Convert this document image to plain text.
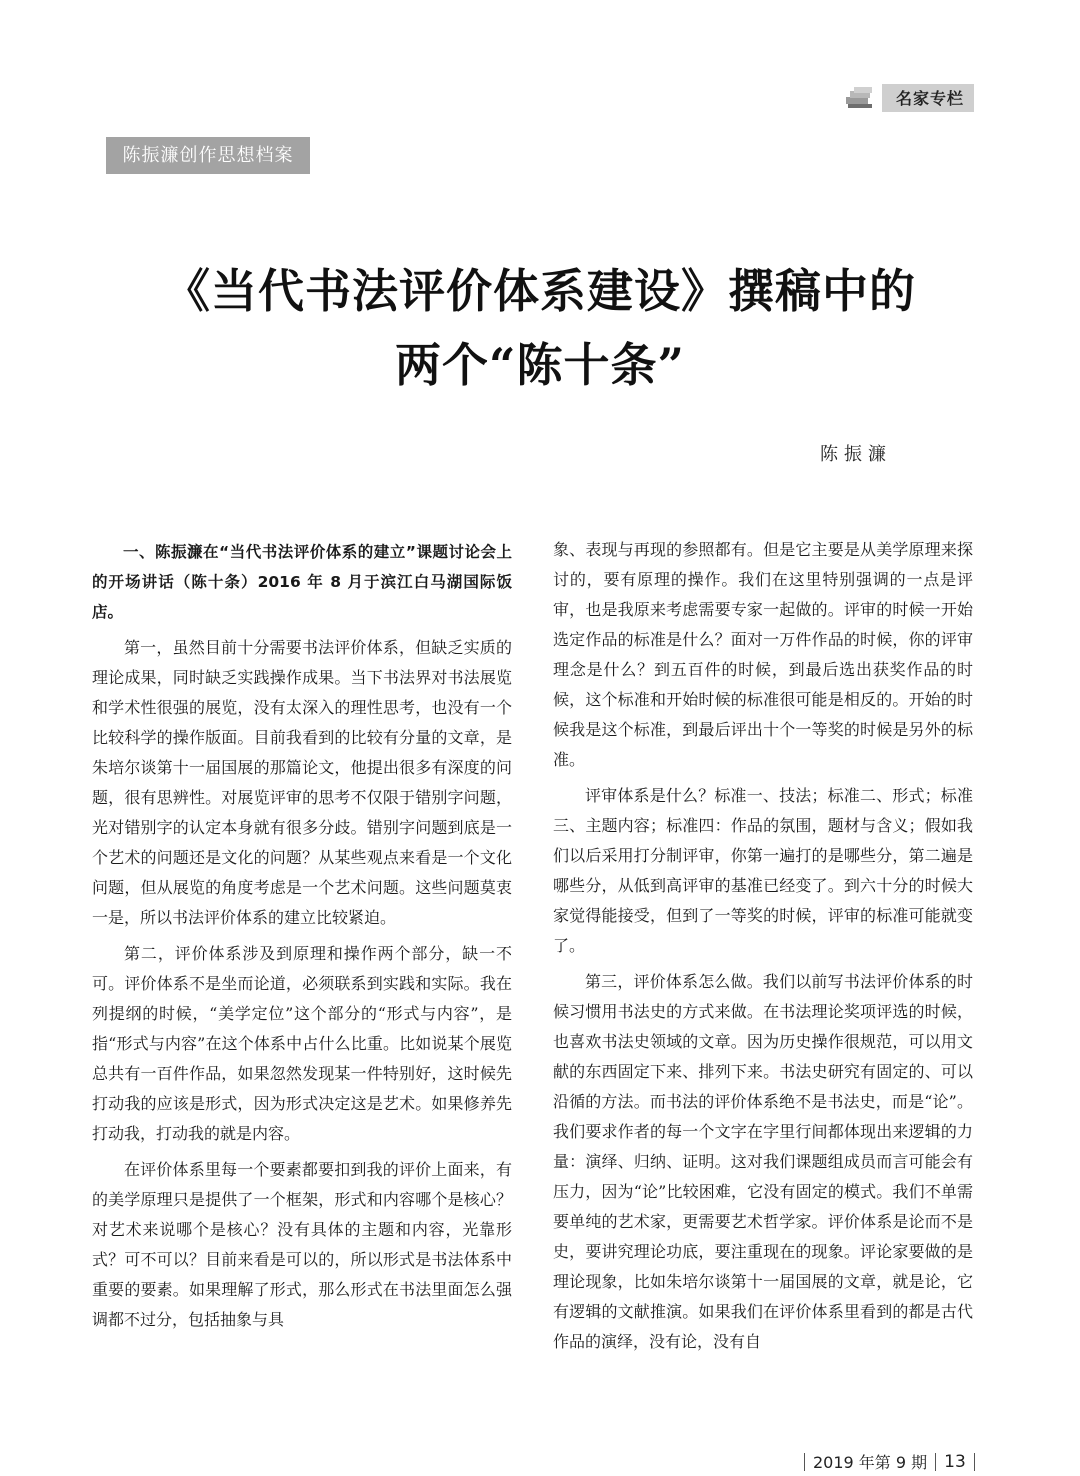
名家专栏
陈振濂创作思想档案
《当代书法评价体系建设》撰稿中的
两个“陈十条”
陈振濂

一、陈振濂在“当代书法评价体系的建立”课题讨论会上的开场讲话（陈十条）2016 年 8 月于滨江白马湖国际饭店。

第一，虽然目前十分需要书法评价体系，但缺乏实质的理论成果，同时缺乏实践操作成果。当下书法界对书法展览和学术性很强的展览，没有太深入的理性思考，也没有一个比较科学的操作版面。目前我看到的比较有分量的文章，是朱培尔谈第十一届国展的那篇论文，他提出很多有深度的问题，很有思辨性。对展览评审的思考不仅限于错别字问题，光对错别字的认定本身就有很多分歧。错别字问题到底是一个艺术的问题还是文化的问题？从某些观点来看是一个文化问题，但从展览的角度考虑是一个艺术问题。这些问题莫衷一是，所以书法评价体系的建立比较紧迫。

第二，评价体系涉及到原理和操作两个部分，缺一不可。评价体系不是坐而论道，必须联系到实践和实际。我在列提纲的时候，“美学定位”这个部分的“形式与内容”，是指“形式与内容”在这个体系中占什么比重。比如说某个展览总共有一百件作品，如果忽然发现某一件特别好，这时候先打动我的应该是形式，因为形式决定这是艺术。如果修养先打动我，打动我的就是内容。

在评价体系里每一个要素都要扣到我的评价上面来，有的美学原理只是提供了一个框架，形式和内容哪个是核心？对艺术来说哪个是核心？没有具体的主题和内容，光靠形式？可不可以？目前来看是可以的，所以形式是书法体系中重要的要素。如果理解了形式，那么形式在书法里面怎么强调都不过分，包括抽象与具

象、表现与再现的参照都有。但是它主要是从美学原理来探讨的，要有原理的操作。我们在这里特别强调的一点是评审，也是我原来考虑需要专家一起做的。评审的时候一开始选定作品的标准是什么？面对一万件作品的时候，你的评审理念是什么？到五百件的时候，到最后选出获奖作品的时候，这个标准和开始时候的标准很可能是相反的。开始的时候我是这个标准，到最后评出十个一等奖的时候是另外的标准。

评审体系是什么？标准一、技法；标准二、形式；标准三、主题内容；标准四：作品的氛围，题材与含义；假如我们以后采用打分制评审，你第一遍打的是哪些分，第二遍是哪些分，从低到高评审的基准已经变了。到六十分的时候大家觉得能接受，但到了一等奖的时候，评审的标准可能就变了。

第三，评价体系怎么做。我们以前写书法评价体系的时候习惯用书法史的方式来做。在书法理论奖项评选的时候，也喜欢书法史领域的文章。因为历史操作很规范，可以用文献的东西固定下来、排列下来。书法史研究有固定的、可以沿循的方法。而书法的评价体系绝不是书法史，而是“论”。我们要求作者的每一个文字在字里行间都体现出来逻辑的力量：演绎、归纳、证明。这对我们课题组成员而言可能会有压力，因为“论”比较困难，它没有固定的模式。我们不单需要单纯的艺术家，更需要艺术哲学家。评价体系是论而不是史，要讲究理论功底，要注重现在的现象。评论家要做的是理论现象，比如朱培尔谈第十一届国展的文章，就是论，它有逻辑的文献推演。如果我们在评价体系里看到的都是古代作品的演绎，没有论，没有自

2019 年第 9 期 13
